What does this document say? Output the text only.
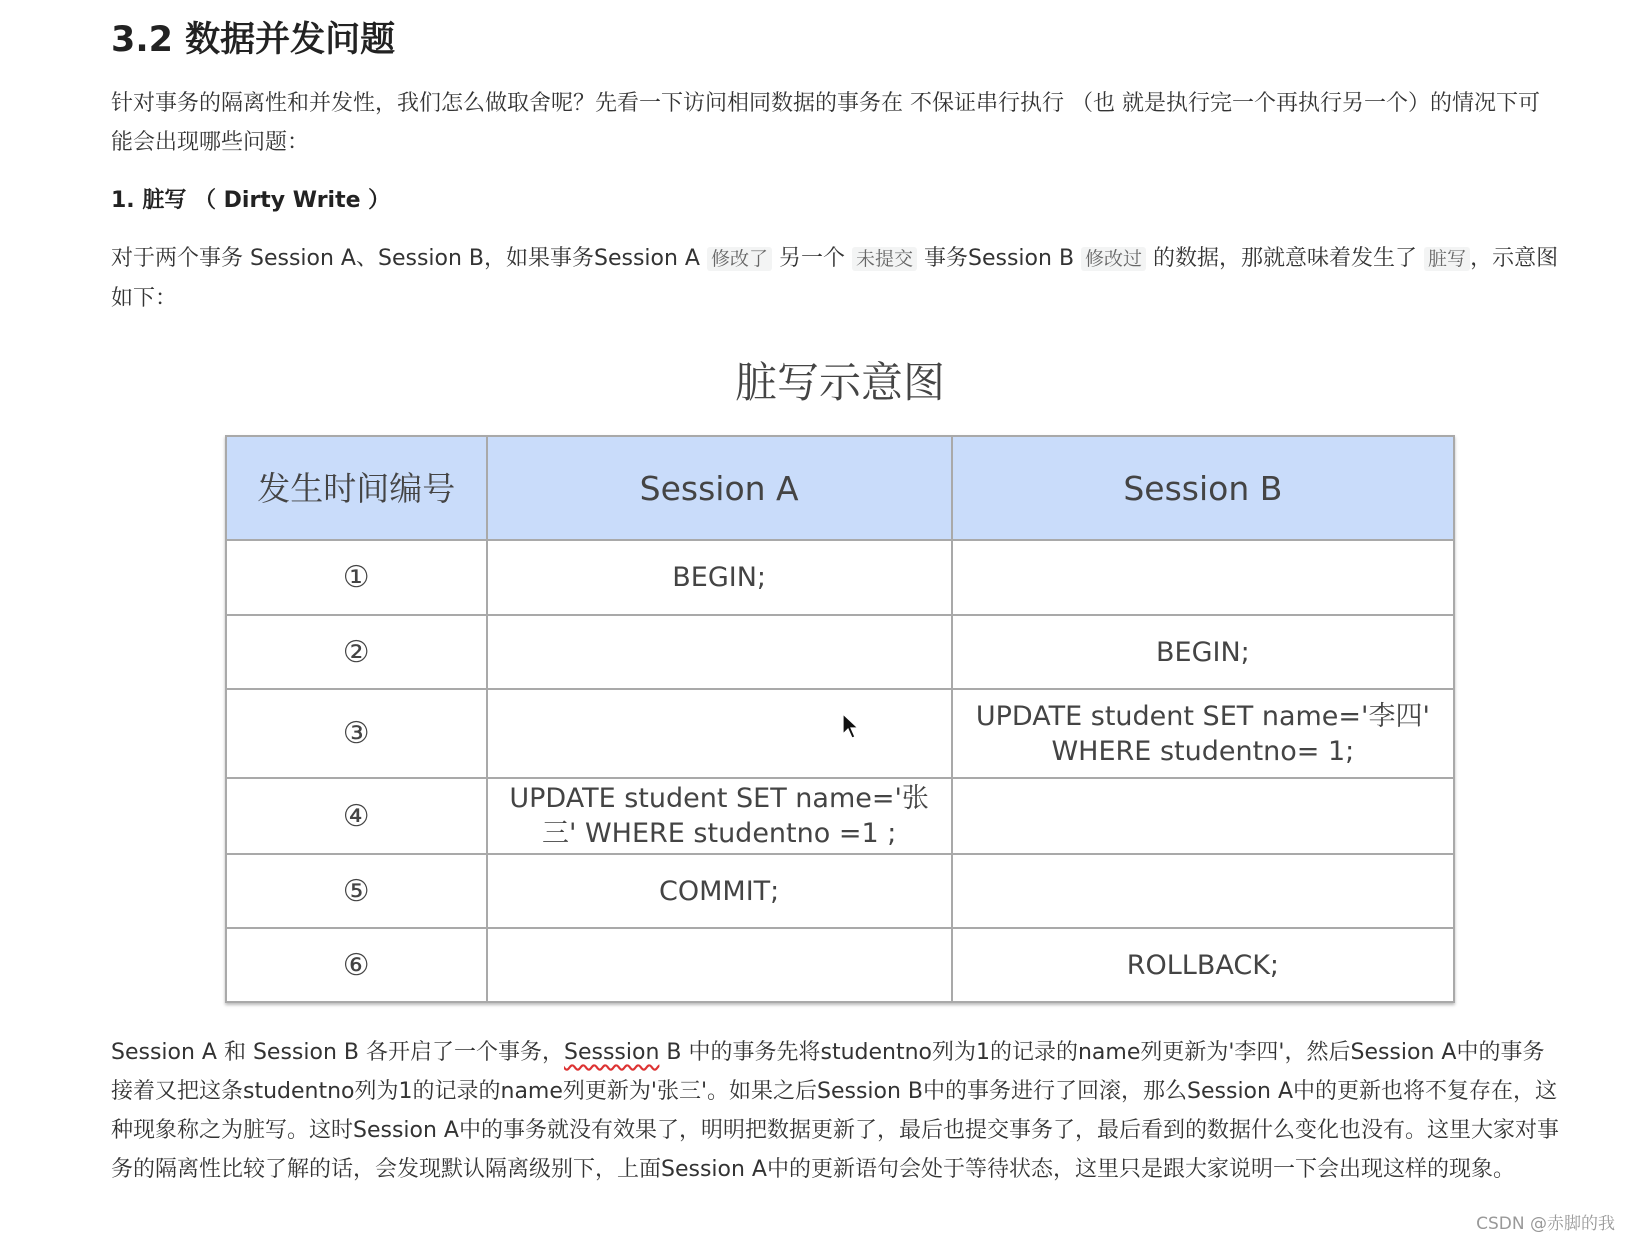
3.2 数据并发问题
针对事务的隔离性和并发性，我们怎么做取舍呢？先看一下访问相同数据的事务在 不保证串行执行 （也 就是执行完一个再执行另一个）的情况下可能会出现哪些问题：
1. 脏写 （ Dirty Write ）
对于两个事务 Session A、Session B，如果事务Session A 修改了 另一个 未提交 事务Session B 修改过 的数据，那就意味着发生了 脏写 ，示意图如下：
脏写示意图
发生时间编号	Session A	Session B
①	BEGIN;	
②		BEGIN;
③		UPDATE student SET name='李四' WHERE studentno= 1;
④	UPDATE student SET name='张三' WHERE studentno =1 ;	
⑤	COMMIT;	
⑥		ROLLBACK;
Session A 和 Session B 各开启了一个事务，Sesssion B 中的事务先将studentno列为1的记录的name列更新为'李四'，然后Session A中的事务接着又把这条studentno列为1的记录的name列更新为'张三'。如果之后Session B中的事务进行了回滚，那么Session A中的更新也将不复存在，这种现象称之为脏写。这时Session A中的事务就没有效果了，明明把数据更新了，最后也提交事务了，最后看到的数据什么变化也没有。这里大家对事务的隔离性比较了解的话，会发现默认隔离级别下，上面Session A中的更新语句会处于等待状态，这里只是跟大家说明一下会出现这样的现象。
CSDN @赤脚的我
